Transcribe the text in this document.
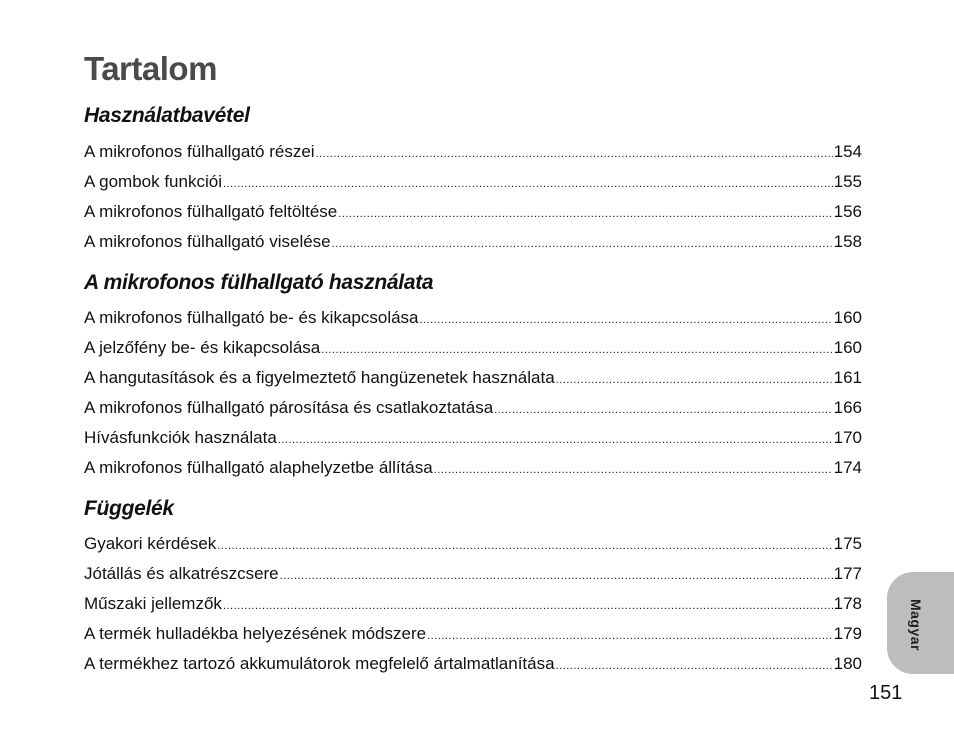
Tartalom
Használatbavétel
A mikrofonos fülhallgató részei .....	154
A gombok funkciói .....	155
A mikrofonos fülhallgató feltöltése .....	156
A mikrofonos fülhallgató viselése .....	158
A mikrofonos fülhallgató használata
A mikrofonos fülhallgató be- és kikapcsolása .....	160
A jelzőfény be- és kikapcsolása .....	160
A hangutasítások és a figyelmeztető hangüzenetek használata .....	161
A mikrofonos fülhallgató párosítása és csatlakoztatása .....	166
Hívásfunkciók használata .....	170
A mikrofonos fülhallgató alaphelyzetbe állítása .....	174
Függelék
Gyakori kérdések .....	175
Jótállás és alkatrészcsere .....	177
Műszaki jellemzők .....	178
A termék hulladékba helyezésének módszere .....	179
A termékhez tartozó akkumulátorok megfelelő ártalmatlanítása .....	180
Magyar
151
